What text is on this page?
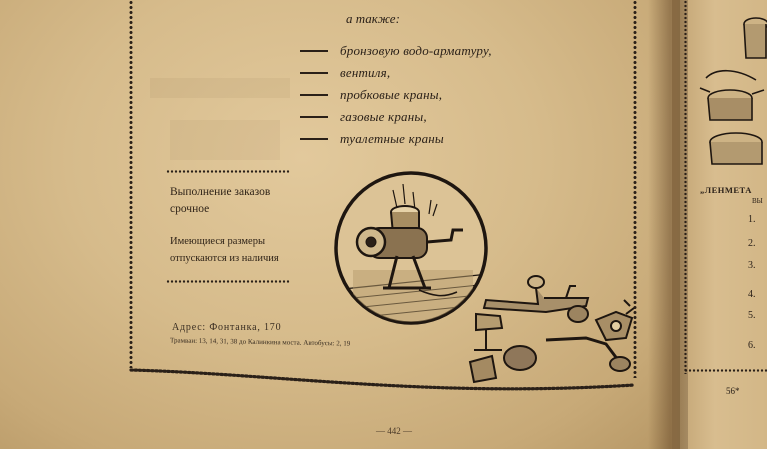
а также:
бронзовую водо-арматуру,
вентиля,
пробковые краны,
газовые краны,
туалетные краны
Выполнение заказов
срочное
Имеющиеся размеры
отпускаются из наличия
Адрес: Фонтанка, 170
Трамваи: 13, 14, 31, 38 до Калинкина моста. Автобусы: 2, 19
— 442 —
„ЛЕНМЕТА
ВЫ
1.
2.
3.
4.
5.
6.
56*
